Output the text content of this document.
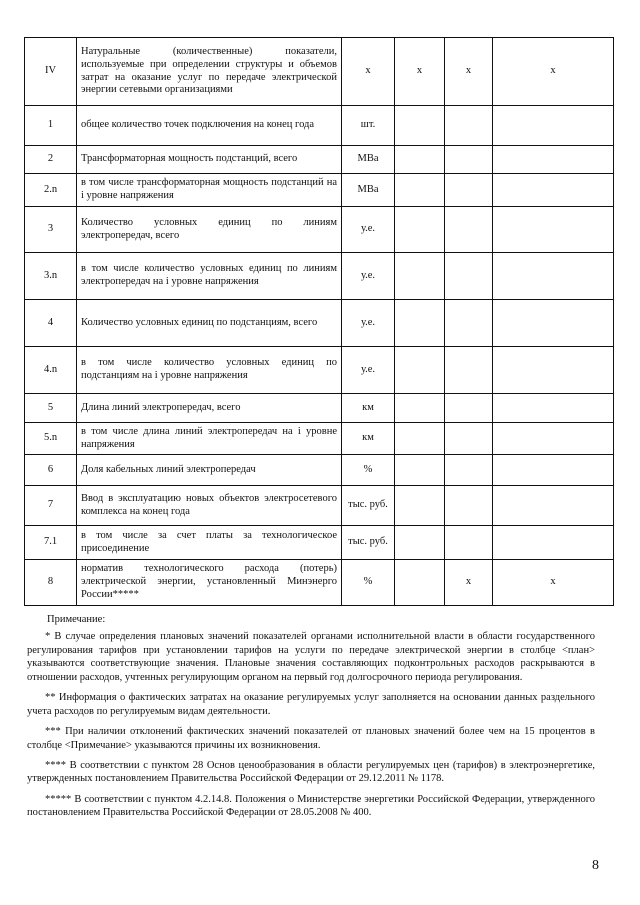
IV	Натуральные (количественные) показатели, используемые при определении структуры и объемов затрат на оказание услуг по передаче электрической энергии сетевыми организациями	х	х	х	х
1	общее количество точек подключения на конец года	шт.			
2	Трансформаторная мощность подстанций, всего	МВа			
2.n	в том числе трансформаторная мощность подстанций на i уровне напряжения	МВа			
3	Количество условных единиц по линиям электропередач, всего	у.е.			
3.n	в том числе количество условных единиц по линиям электропередач на i уровне напряжения	у.е.			
4	Количество условных единиц по подстанциям, всего	у.е.			
4.n	в том числе количество условных единиц по подстанциям на i уровне напряжения	у.е.			
5	Длина линий электропередач, всего	км			
5.n	в том числе длина линий электропередач на i уровне напряжения	км			
6	Доля кабельных линий электропередач	%			
7	Ввод в эксплуатацию новых объектов электросетевого комплекса на конец года	тыс. руб.			
7.1	в том числе за счет платы за технологическое присоединение	тыс. руб.			
8	норматив технологического расхода (потерь) электрической энергии, установленный Минэнерго России*****	%		х	х

Примечание:

* В случае определения плановых значений показателей органами исполнительной власти в области государственного регулирования тарифов при установлении тарифов на услуги по передаче электрической энергии в столбце <план> указываются соответствующие значения. Плановые значения составляющих подконтрольных расходов раскрываются в отношении расходов, учтенных регулирующим органом на первый год долгосрочного периода регулирования.

** Информация о фактических затратах на оказание регулируемых услуг заполняется на основании данных раздельного учета расходов по регулируемым видам деятельности.

*** При наличии отклонений фактических значений показателей от плановых значений более чем на 15 процентов в столбце <Примечание> указываются причины их возникновения.

**** В соответствии с пунктом 28 Основ ценообразования в области регулируемых цен (тарифов) в электроэнергетике, утвержденных постановлением Правительства Российской Федерации от 29.12.2011 № 1178.

***** В соответствии с пунктом 4.2.14.8. Положения о Министерстве энергетики Российской Федерации, утвержденного постановлением Правительства Российской Федерации от 28.05.2008 № 400.

8
